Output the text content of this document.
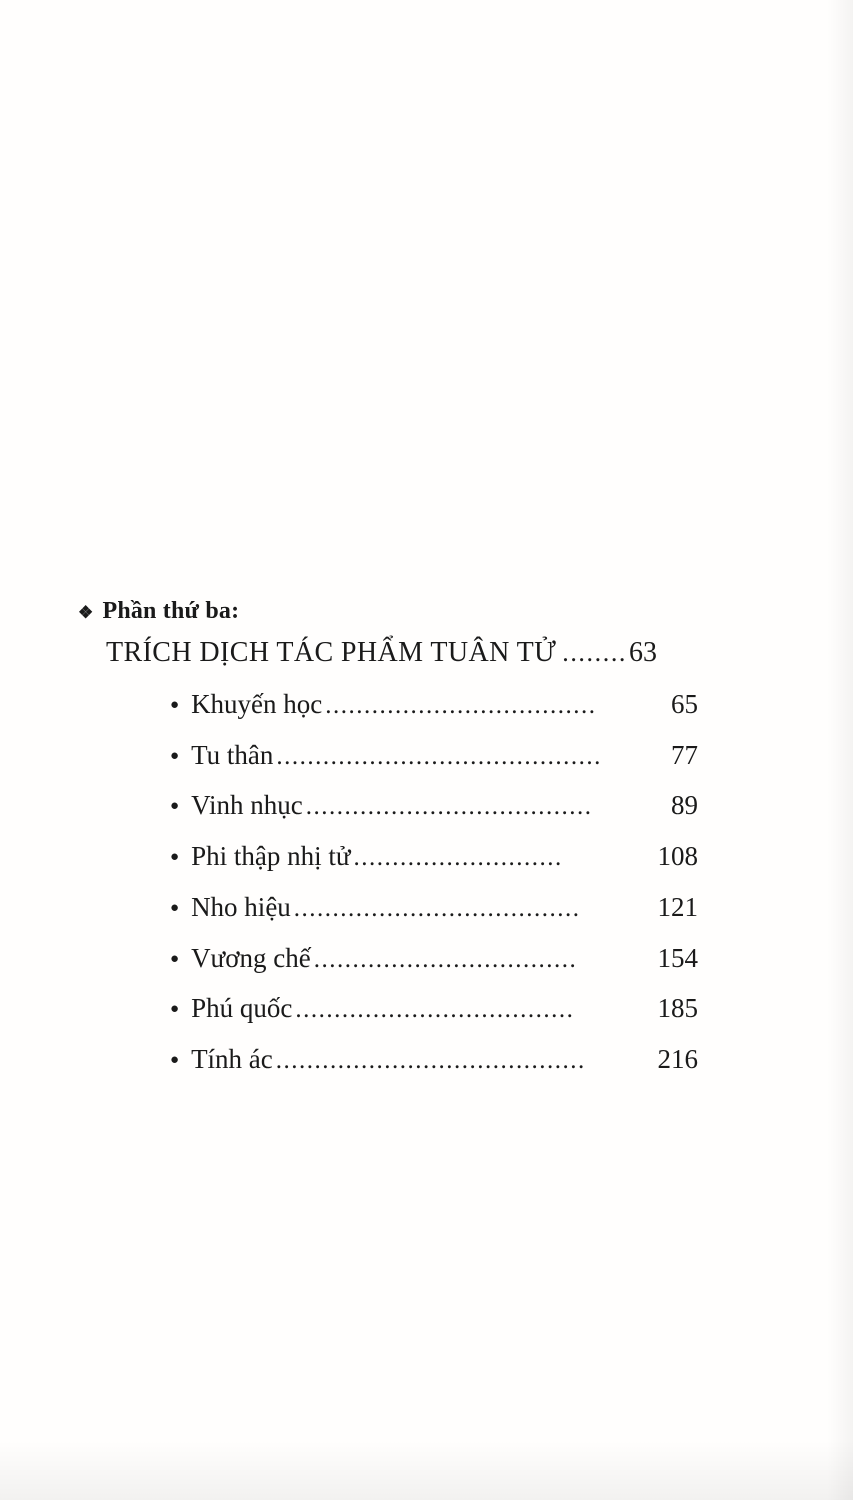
❖ Phần thứ ba:
TRÍCH DỊCH TÁC PHẨM TUÂN TỬ ........ 63
● Khuyến học ...................................	65
● Tu thân ..........................................	77
● Vinh nhục .....................................	89
● Phi thập nhị tử ...........................	108
● Nho hiệu .....................................	121
● Vương chế ..................................	154
● Phú quốc ....................................	185
● Tính ác ........................................	216
